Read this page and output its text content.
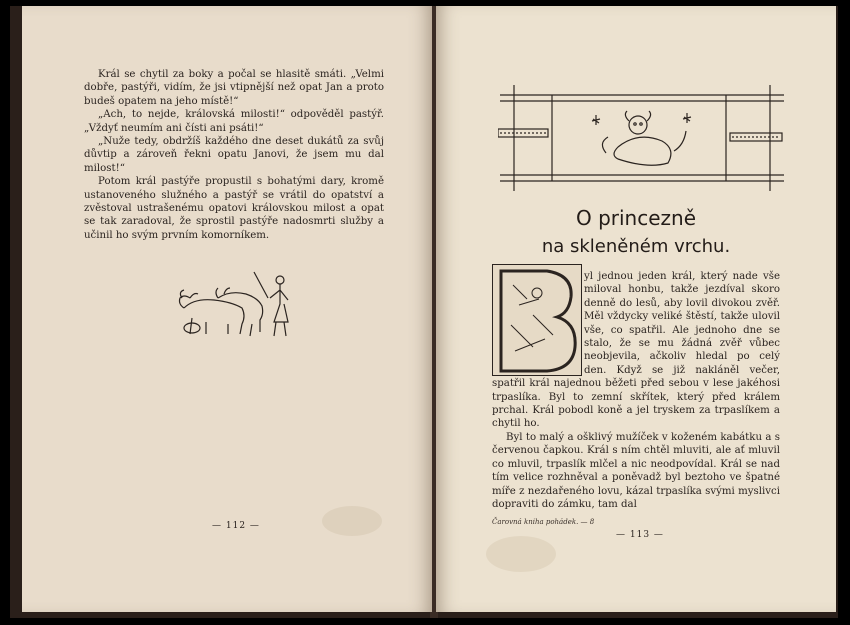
Král se chytil za boky a počal se hlasitě smáti. „Velmi dobře, pastýři, vidím, že jsi vtipnější než opat Jan a proto budeš opatem na jeho místě!“

„Ach, to nejde, královská milosti!“ odpověděl pastýř. „Vždyť neumím ani čísti ani psáti!“

„Nuže tedy, obdržíš každého dne deset dukátů za svůj důvtip a zároveň řekni opatu Janovi, že jsem mu dal milost!“

Potom král pastýře propustil s bohatými dary, kromě ustanoveného služného a pastýř se vrátil do opatství a zvěstoval ustrašenému opatovi královskou milost a opat se tak zaradoval, že sprostil pastýře nadosmrti služby a učinil ho svým prvním komorníkem.

— 112 —
O princezně
na skleněném vrchu.

yl jednou jeden král, který nade vše miloval honbu, takže jezdíval skoro denně do lesů, aby lovil divokou zvěř. Měl vždycky veliké štěstí, takže ulovil vše, co spatřil. Ale jednoho dne se stalo, že se mu žádná zvěř vůbec neobjevila, ačkoliv hledal po celý den. Když se již nakláněl večer, spatřil král najednou běžeti před sebou v lese jakéhosi trpaslíka. Byl to zemní skřítek, který před králem prchal. Král pobodl koně a jel tryskem za trpaslíkem a chytil ho.

Byl to malý a ošklivý mužíček v koženém kabátku a s červenou čapkou. Král s ním chtěl mluviti, ale ať mluvil co mluvil, trpaslík mlčel a nic neodpovídal. Král se nad tím velice rozhněval a poněvadž byl beztoho ve špatné míře z nezdařeného lovu, kázal trpaslíka svými myslivci dopraviti do zámku, tam dal

Čarovná kniha pohádek. — 8
— 113 —
